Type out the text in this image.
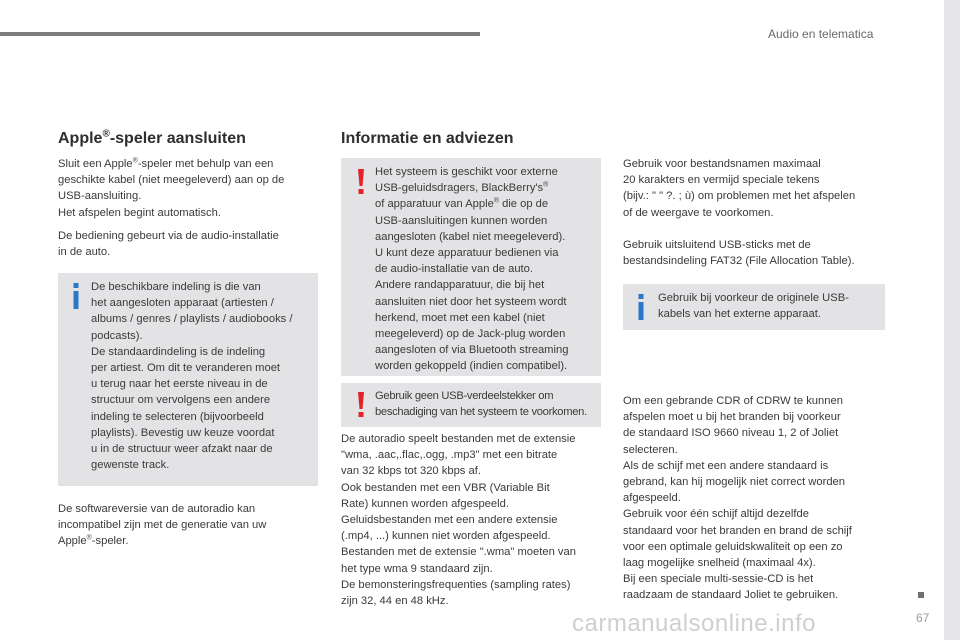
Audio en telematica
Apple®-speler aansluiten

Sluit een Apple®-speler met behulp van een

geschikte kabel (niet meegeleverd) aan op de

USB-aansluiting.

Het afspelen begint automatisch.

De bediening gebeurt via de audio-installatie

in de auto.

De beschikbare indeling is die van

het aangesloten apparaat (artiesten /

albums / genres / playlists / audiobooks /

podcasts).

De standaardindeling is de indeling

per artiest. Om dit te veranderen moet

u terug naar het eerste niveau in de

structuur om vervolgens een andere

indeling te selecteren (bijvoorbeeld

playlists). Bevestig uw keuze voordat

u in de structuur weer afzakt naar de

gewenste track.

De softwareversie van de autoradio kan

incompatibel zijn met de generatie van uw

Apple®-speler.

Informatie en adviezen

Het systeem is geschikt voor externe

USB-geluidsdragers, BlackBerry's®

of apparatuur van Apple® die op de

USB-aansluitingen kunnen worden

aangesloten (kabel niet meegeleverd).

U kunt deze apparatuur bedienen via

de audio-installatie van de auto.

Andere randapparatuur, die bij het

aansluiten niet door het systeem wordt

herkend, moet met een kabel (niet

meegeleverd) op de Jack-plug worden

aangesloten of via Bluetooth streaming

worden gekoppeld (indien compatibel).

Gebruik geen USB-verdeelstekker om

beschadiging van het systeem te voorkomen.

De autoradio speelt bestanden met de extensie

"wma, .aac,.flac,.ogg, .mp3" met een bitrate

van 32 kbps tot 320 kbps af.

Ook bestanden met een VBR (Variable Bit

Rate) kunnen worden afgespeeld.

Geluidsbestanden met een andere extensie

(.mp4, ...) kunnen niet worden afgespeeld.

Bestanden met de extensie ".wma" moeten van

het type wma 9 standaard zijn.

De bemonsteringsfrequenties (sampling rates)

zijn 32, 44 en 48 kHz.

Gebruik voor bestandsnamen maximaal

20 karakters en vermijd speciale tekens

(bijv.: " " ?. ; ù) om problemen met het afspelen

of de weergave te voorkomen.

Gebruik uitsluitend USB-sticks met de

bestandsindeling FAT32 (File Allocation Table).

Gebruik bij voorkeur de originele USB-

kabels van het externe apparaat.

Om een gebrande CDR of CDRW te kunnen

afspelen moet u bij het branden bij voorkeur

de standaard ISO 9660 niveau 1, 2 of Joliet

selecteren.

Als de schijf met een andere standaard is

gebrand, kan hij mogelijk niet correct worden

afgespeeld.

Gebruik voor één schijf altijd dezelfde

standaard voor het branden en brand de schijf

voor een optimale geluidskwaliteit op een zo

laag mogelijke snelheid (maximaal 4x).

Bij een speciale multi-sessie-CD is het

raadzaam de standaard Joliet te gebruiken.

carmanualsonline.info	67
